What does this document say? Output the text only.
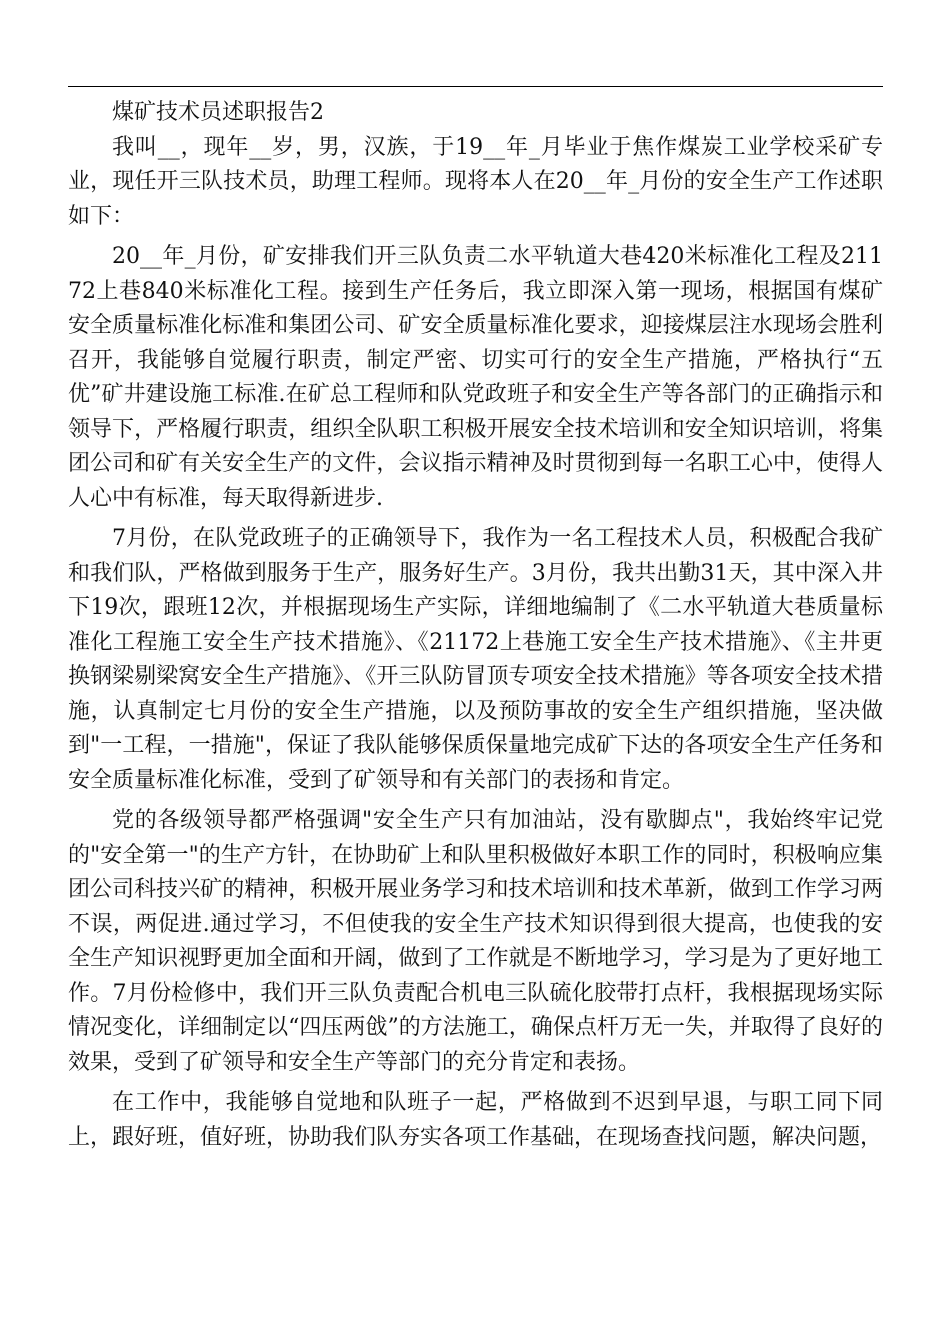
煤矿技术员述职报告2

我叫__，现年__岁，男，汉族，于19__年_月毕业于焦作煤炭工业学校采矿专业，现任开三队技术员，助理工程师。现将本人在20__年_月份的安全生产工作述职如下：

20__年_月份，矿安排我们开三队负责二水平轨道大巷420米标准化工程及21172上巷840米标准化工程。接到生产任务后，我立即深入第一现场，根据国有煤矿安全质量标准化标准和集团公司、矿安全质量标准化要求，迎接煤层注水现场会胜利召开，我能够自觉履行职责，制定严密、切实可行的安全生产措施，严格执行“五优”矿井建设施工标准.在矿总工程师和队党政班子和安全生产等各部门的正确指示和领导下，严格履行职责，组织全队职工积极开展安全技术培训和安全知识培训，将集团公司和矿有关安全生产的文件，会议指示精神及时贯彻到每一名职工心中，使得人人心中有标准，每天取得新进步.

7月份，在队党政班子的正确领导下，我作为一名工程技术人员，积极配合我矿和我们队，严格做到服务于生产，服务好生产。3月份，我共出勤31天，其中深入井下19次，跟班12次，并根据现场生产实际，详细地编制了《二水平轨道大巷质量标准化工程施工安全生产技术措施》、《21172上巷施工安全生产技术措施》、《主井更换钢梁剔梁窝安全生产措施》、《开三队防冒顶专项安全技术措施》等各项安全技术措施，认真制定七月份的安全生产措施，以及预防事故的安全生产组织措施，坚决做到"一工程，一措施"，保证了我队能够保质保量地完成矿下达的各项安全生产任务和安全质量标准化标准，受到了矿领导和有关部门的表扬和肯定。

党的各级领导都严格强调"安全生产只有加油站，没有歇脚点"，我始终牢记党的"安全第一"的生产方针，在协助矿上和队里积极做好本职工作的同时，积极响应集团公司科技兴矿的精神，积极开展业务学习和技术培训和技术革新，做到工作学习两不误，两促进.通过学习，不但使我的安全生产技术知识得到很大提高，也使我的安全生产知识视野更加全面和开阔，做到了工作就是不断地学习，学习是为了更好地工作。7月份检修中，我们开三队负责配合机电三队硫化胶带打点杆，我根据现场实际情况变化，详细制定以“四压两戗”的方法施工，确保点杆万无一失，并取得了良好的效果，受到了矿领导和安全生产等部门的充分肯定和表扬。

在工作中，我能够自觉地和队班子一起，严格做到不迟到早退，与职工同下同上，跟好班，值好班，协助我们队夯实各项工作基础，在现场查找问题，解决问题，
